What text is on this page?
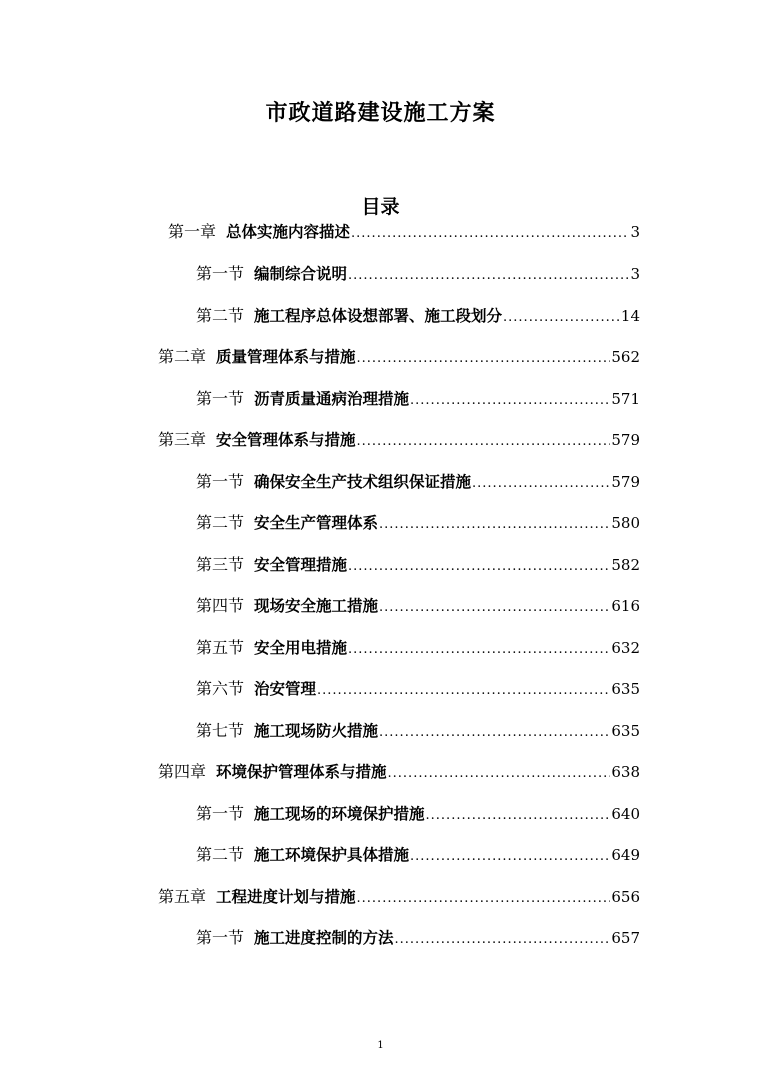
市政道路建设施工方案
目录
第一章 总体实施内容描述 .....	3
第一节 编制综合说明 .....	3
第二节 施工程序总体设想部署、施工段划分 .....	14
第二章 质量管理体系与措施 .....	562
第一节 沥青质量通病治理措施 .....	571
第三章 安全管理体系与措施 .....	579
第一节 确保安全生产技术组织保证措施 .....	579
第二节 安全生产管理体系 .....	580
第三节 安全管理措施 .....	582
第四节 现场安全施工措施 .....	616
第五节 安全用电措施 .....	632
第六节 治安管理 .....	635
第七节 施工现场防火措施 .....	635
第四章 环境保护管理体系与措施 .....	638
第一节 施工现场的环境保护措施 .....	640
第二节 施工环境保护具体措施 .....	649
第五章 工程进度计划与措施 .....	656
第一节 施工进度控制的方法 .....	657
1
